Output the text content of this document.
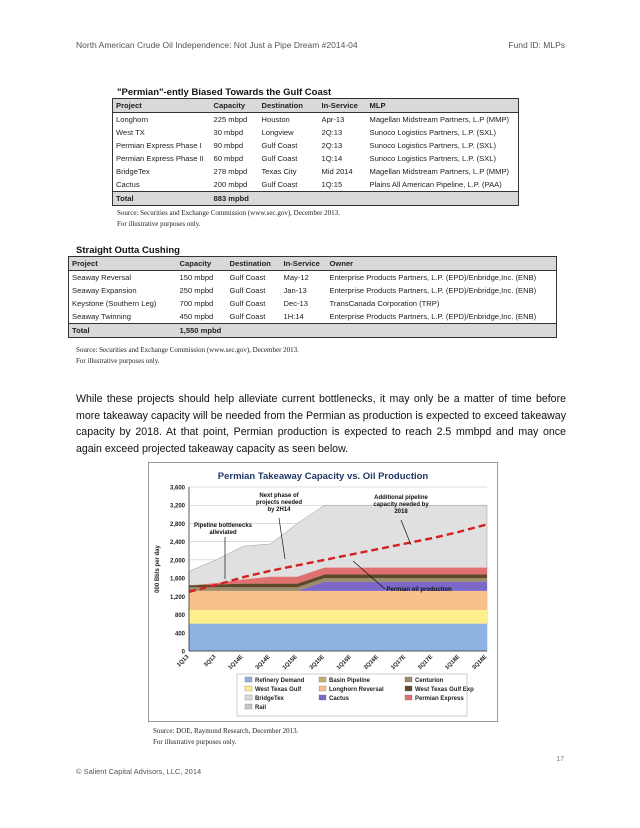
North American Crude Oil Independence: Not Just a Pipe Dream #2014-04	Fund ID: MLPs
"Permian"-ently Biased Towards the Gulf Coast
Project	Capacity	Destination	In-Service	MLP
Longhorn	225 mbpd	Houston	Apr-13	Magellan Midstream Partners, L.P (MMP)
West TX	30 mbpd	Longview	2Q:13	Sunoco Logistics Partners, L.P. (SXL)
Permian Express Phase I	90 mbpd	Gulf Coast	2Q:13	Sunoco Logistics Partners, L.P. (SXL)
Permian Express Phase II	60 mbpd	Gulf Coast	1Q:14	Sunoco Logistics Partners, L.P. (SXL)
BridgeTex	278 mbpd	Texas City	Mid 2014	Magellan Midstream Partners, L.P (MMP)
Cactus	200 mbpd	Gulf Coast	1Q:15	Plains All American Pipeline, L.P. (PAA)
Total	883 mpbd			
Source: Securities and Exchange Commission (www.sec.gov), December 2013.
For illustrative purposes only.
Straight Outta Cushing
Project	Capacity	Destination	In-Service	Owner
Seaway Reversal	150 mbpd	Gulf Coast	May-12	Enterprise Products Partners, L.P. (EPD)/Enbridge,Inc. (ENB)
Seaway Expansion	250 mpbd	Gulf Coast	Jan-13	Enterprise Products Partners, L.P. (EPD)/Enbridge,Inc. (ENB)
Keystone (Southern Leg)	700 mpbd	Gulf Coast	Dec-13	TransCanada Corporation (TRP)
Seaway Twinning	450 mpbd	Gulf Coast	1H:14	Enterprise Products Partners, L.P. (EPD)/Enbridge,Inc. (ENB)
Total	1,550 mpbd			
Source: Securities and Exchange Commission (www.sec.gov), December 2013.
For illustrative purposes only.
While these projects should help alleviate current bottlenecks, it may only be a matter of time before more takeaway capacity will be needed from the Permian as production is expected to exceed takeaway capacity by 2018. At that point, Permian production is expected to reach 2.5 mmbpd and may once again exceed projected takeaway capacity as seen below.
Permian Takeaway Capacity vs. Oil Production
0
400
800
1,200
1,600
2,000
2,400
2,800
3,200
3,600
1Q13 3Q13 1Q14E 3Q14E 1Q15E 3Q15E 1Q16E 3Q16E 1Q17E 3Q17E 1Q18E 3Q18E
000 Bbls per day
Next phase of
projects needed
by 2H14
Additional pipeline
capacity needed by
2018
Pipeline bottlenecks
alleviated
Permian oil production
Refinery Demand	Basin Pipeline	Centurion
West Texas Gulf	Longhorn Reversal	West Texas Gulf Exp
BridgeTex	Cactus	Permian Express
Rail
Source: DOE, Raymond Research, December 2013.
For illustrative purposes only.
17
© Salient Capital Advisors, LLC, 2014
